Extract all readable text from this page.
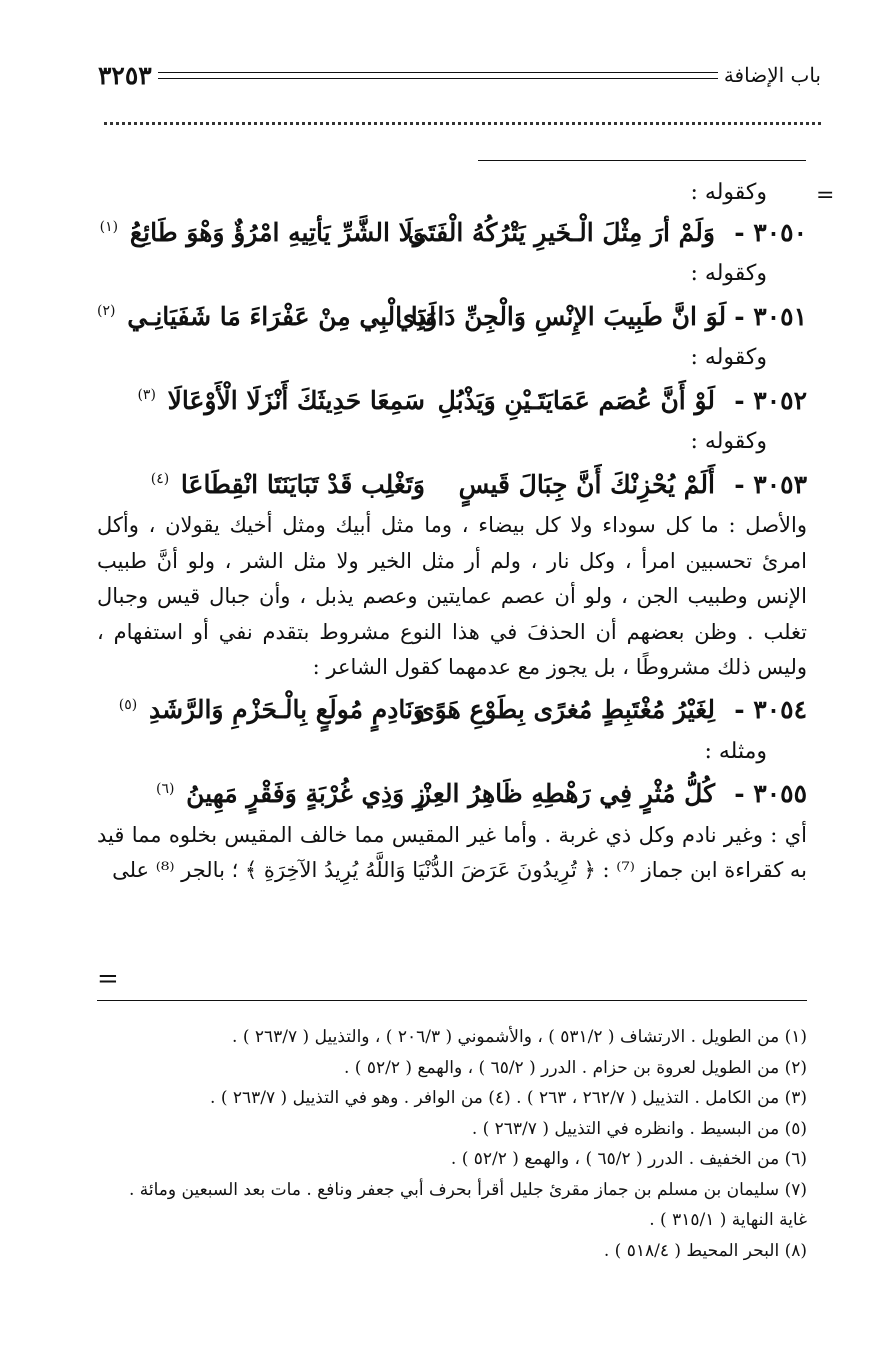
باب الإضافة
٣٢٥٣
=
=
وكقوله :
٣٠٥٠ -
وَلَمْ أرَ مِثْلَ الْـخَيرِ يَتْرُكُهُ الْفَتَى
وَلَا الشَّرِّ يَأتِيهِ امْرُؤٌ وَهْوَ طَائِعُ $^{(١)}$
وكقوله :
٣٠٥١ -
لَوَ انَّ طَبِيبَ الإِنْسِ وَالْجِنِّ دَاوَيَا الْـ
لَذِي بِي مِنْ عَفْرَاءَ مَا شَفَيَانِـي $^{(٢)}$
وكقوله :
٣٠٥٢ -
لَوْ أَنَّ عُصَم عَمَايَتَـيْنِ وَيَذْبُلِ
سَمِعَا حَدِيثَكَ أَنْزَلَا الْأَوْعَالَا $^{(٣)}$
وكقوله :
٣٠٥٣ -
أَلَمْ يُحْزِنْكَ أَنَّ جِبَالَ قَيسٍ
وَتَغْلِب قَدْ تَبَايَنَتَا انْقِطَاعَا $^{(٤)}$
والأصل : ما كل سوداء ولا كل بيضاء ، وما مثل أبيك ومثل أخيك يقولان ، وأكل امرئ تحسبين امرأ ، وكل نار ، ولم أر مثل الخير ولا مثل الشر ، ولو أنَّ طبيب الإنس وطبيب الجن ، ولو أن عصم عمايتين وعصم يذبل ، وأن جبال قيس وجبال تغلب . وظن بعضهم أن الحذفَ في هذا النوع مشروط بتقدم نفي أو استفهام ، وليس ذلك مشروطًا ، بل يجوز مع عدمهما كقول الشاعر :
٣٠٥٤ -
لِغَيْرُ مُغْتَبِطٍ مُغرًى بِطَوْعِ هَوًى
وَنَادِمٍ مُولَعٍ بِالْـحَزْمِ وَالرَّشَدِ $^{(٥)}$
ومثله :
٣٠٥٥ -
كُلُّ مُثْرٍ فِي رَهْطِهِ ظَاهِرُ العِزْ
زِ وَذِي غُرْبَةٍ وَفَقْرٍ مَهِينُ $^{(٦)}$
أي : وغير نادم وكل ذي غربة . وأما غير المقيس مما خالف المقيس بخلوه مما قيد به كقراءة ابن جماز ⁽⁷⁾ : ﴿ تُرِيدُونَ عَرَضَ الدُّنْيَا وَاللَّهُ يُرِيدُ الآخِرَةِ ﴾ ؛ بالجر ⁽⁸⁾ على

(١) من الطويل . الارتشاف ( ٥٣١/٢ ) ، والأشموني ( ٢٠٦/٣ ) ، والتذييل ( ٢٦٣/٧ ) .

(٢) من الطويل لعروة بن حزام . الدرر ( ٦٥/٢ ) ، والهمع ( ٥٢/٢ ) .

(٣) من الكامل . التذييل ( ٢٦٢/٧ ، ٢٦٣ ) . (٤) من الوافر . وهو في التذييل ( ٢٦٣/٧ ) .

(٥) من البسيط . وانظره في التذييل ( ٢٦٣/٧ ) .

(٦) من الخفيف . الدرر ( ٦٥/٢ ) ، والهمع ( ٥٢/٢ ) .

(٧) سليمان بن مسلم بن جماز مقرئ جليل أقرأ بحرف أبي جعفر ونافع . مات بعد السبعين ومائة . غاية النهاية ( ٣١٥/١ ) .

(٨) البحر المحيط ( ٥١٨/٤ ) .
